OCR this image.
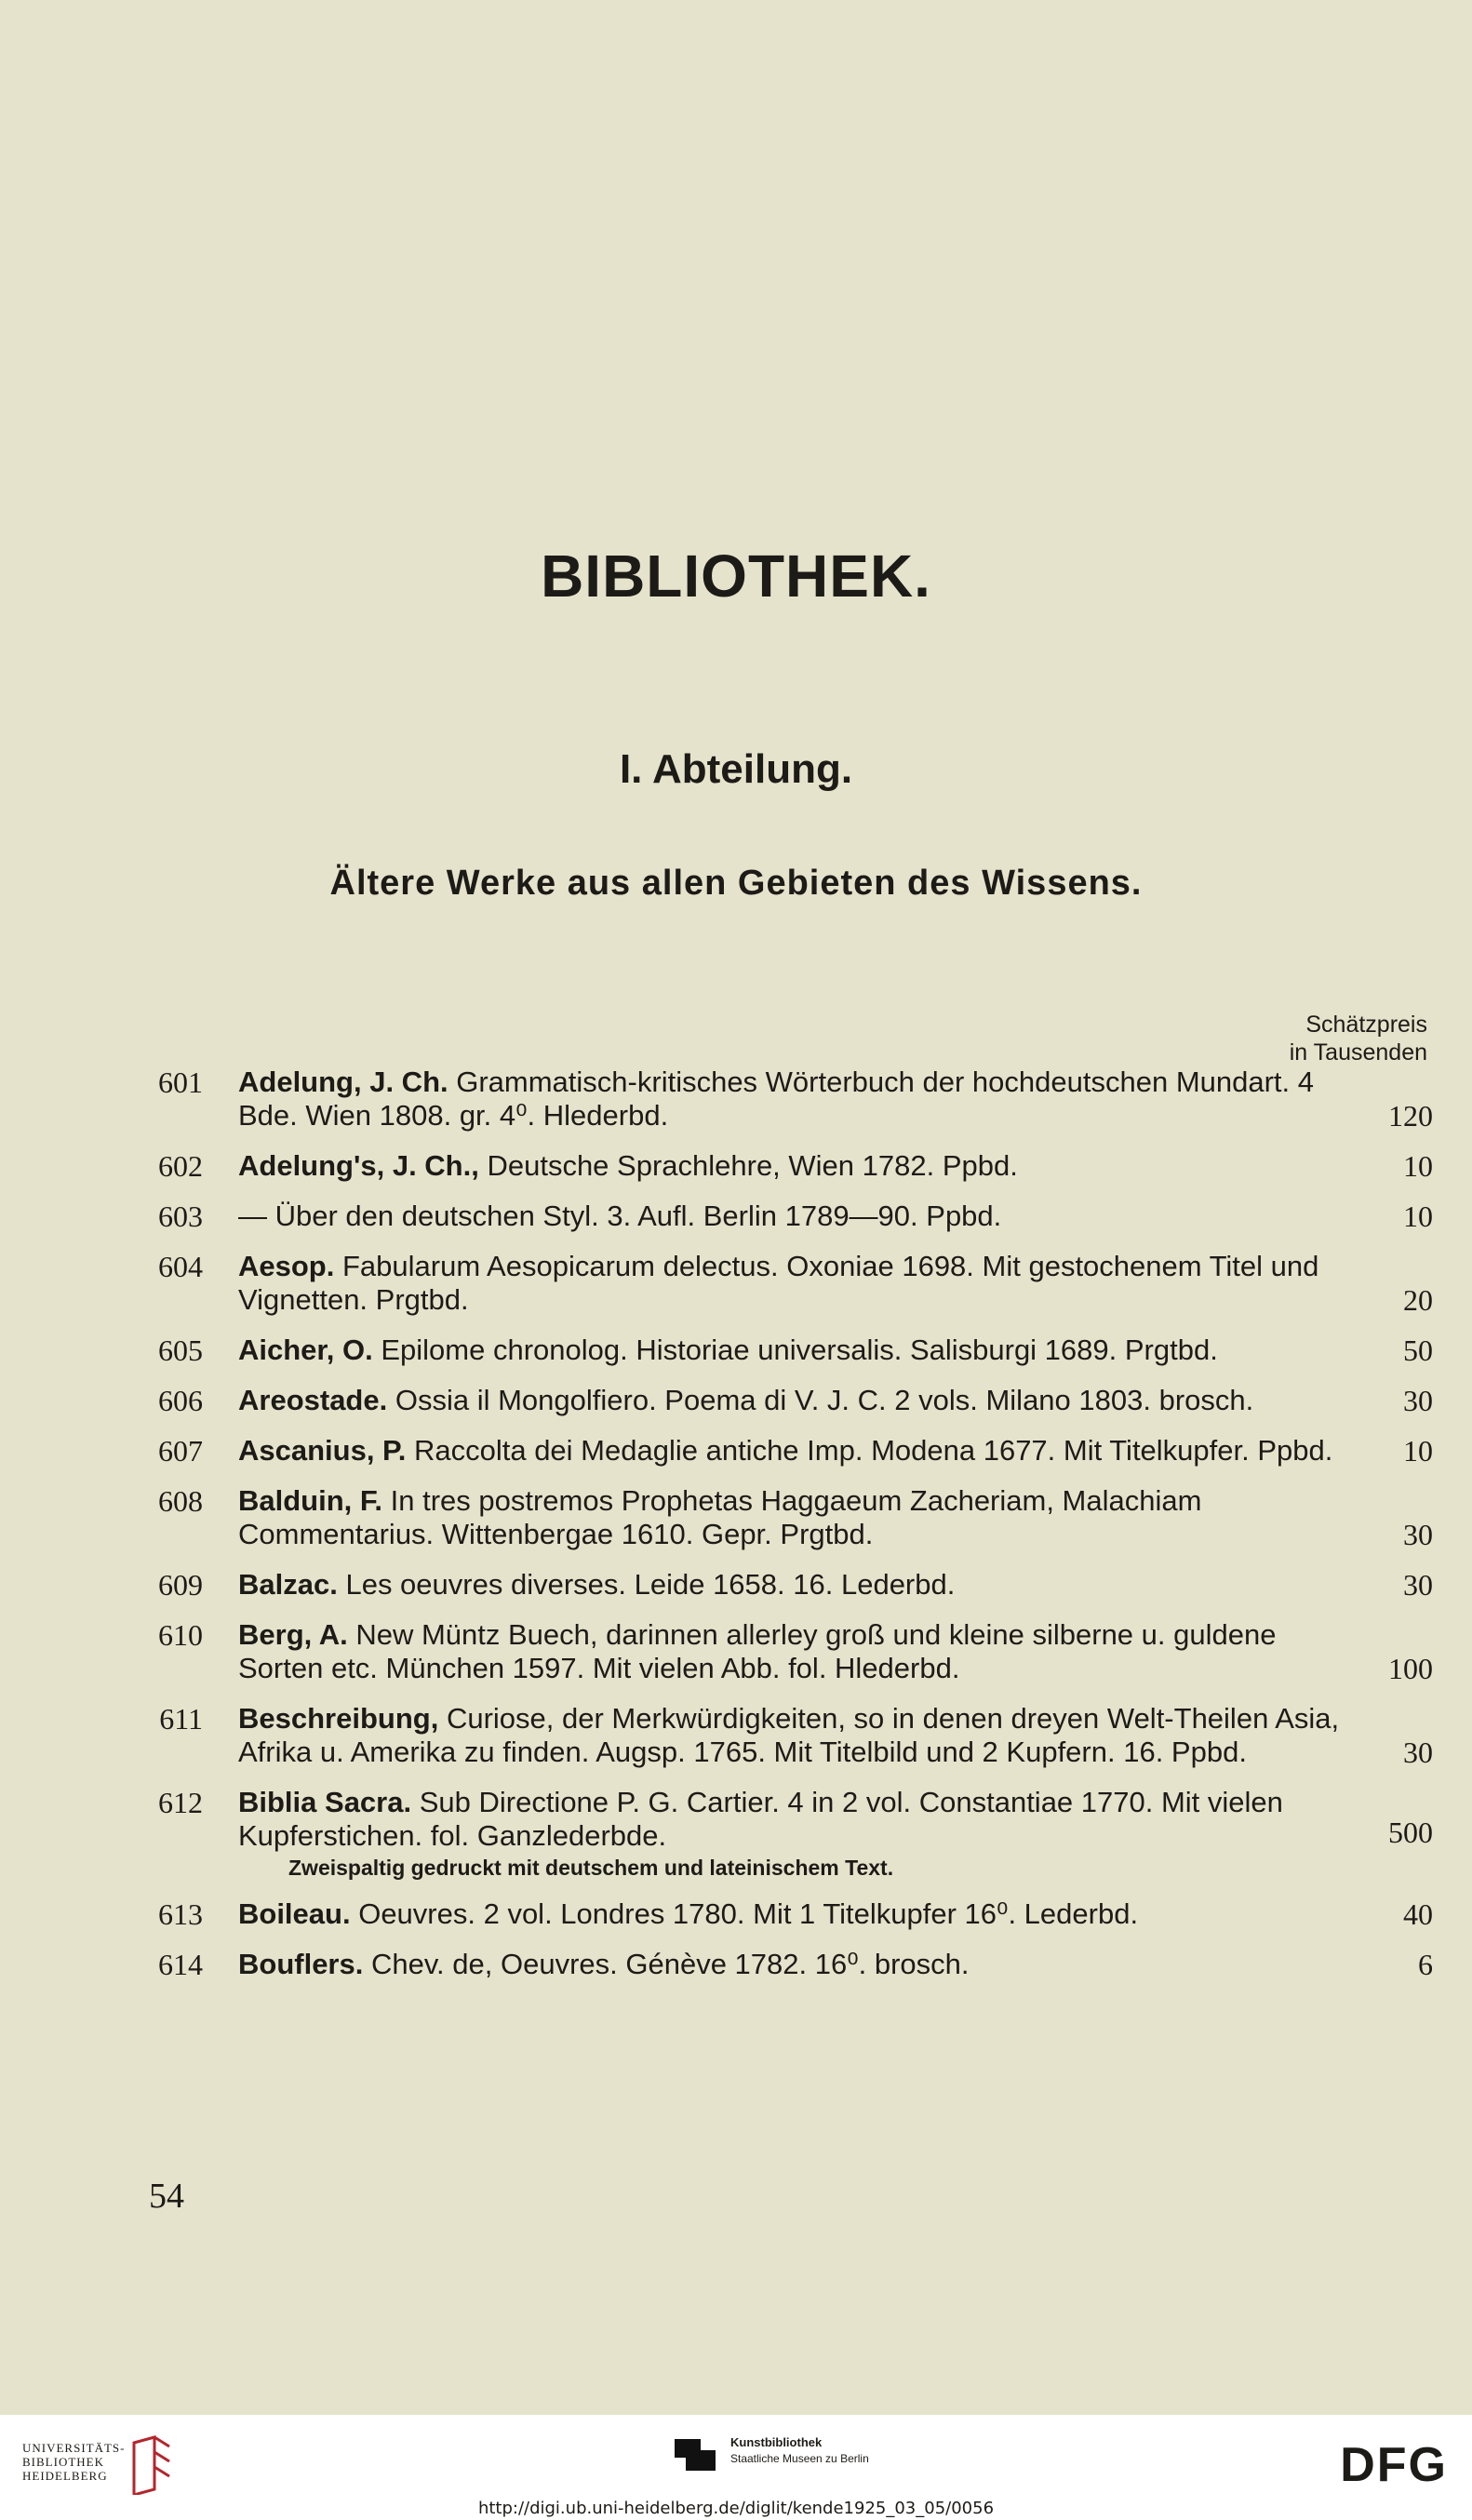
BIBLIOTHEK.
I. Abteilung.
Ältere Werke aus allen Gebieten des Wissens.
Schätzpreis
in Tausenden
601 Adelung, J. Ch. Grammatisch-kritisches Wörterbuch der hochdeutschen Mundart. 4 Bde. Wien 1808. gr. 4⁰. Hlederbd.	120
602 Adelung's, J. Ch., Deutsche Sprachlehre, Wien 1782. Ppbd.	10
603 — Über den deutschen Styl. 3. Aufl. Berlin 1789—90. Ppbd.	10
604 Aesop. Fabularum Aesopicarum delectus. Oxoniae 1698. Mit gestochenem Titel und Vignetten. Prgtbd.	20
605 Aicher, O. Epilome chronolog. Historiae universalis. Salisburgi 1689. Prgtbd.	50
606 Areostade. Ossia il Mongolfiero. Poema di V. J. C. 2 vols. Milano 1803. brosch.	30
607 Ascanius, P. Raccolta dei Medaglie antiche Imp. Modena 1677. Mit Titelkupfer. Ppbd. 10
608 Balduin, F. In tres postremos Prophetas Haggaeum Zacheriam, Malachiam Commentarius. Wittenbergae 1610. Gepr. Prgtbd.	30
609 Balzac. Les oeuvres diverses. Leide 1658. 16. Lederbd.	30
610 Berg, A. New Müntz Buech, darinnen allerley groß und kleine silberne u. guldene Sorten etc. München 1597. Mit vielen Abb. fol. Hlederbd.	100
611 Beschreibung, Curiose, der Merkwürdigkeiten, so in denen dreyen Welt-Theilen Asia, Afrika u. Amerika zu finden. Augsp. 1765. Mit Titelbild und 2 Kupfern. 16. Ppbd.	30
612 Biblia Sacra. Sub Directione P. G. Cartier. 4 in 2 vol. Constantiae 1770. Mit vielen Kupferstichen. fol. Ganzlederbde.	500
Zweispaltig gedruckt mit deutschem und lateinischem Text.
613 Boileau. Oeuvres. 2 vol. Londres 1780. Mit 1 Titelkupfer 16⁰. Lederbd.	40
614 Bouflers. Chev. de, Oeuvres. Génève 1782. 16⁰. brosch.	6
54
UNIVERSITÄTS-
BIBLIOTHEK
HEIDELBERG
Kunstbibliothek
Staatliche Museen zu Berlin	DFG
http://digi.ub.uni-heidelberg.de/diglit/kende1925_03_05/0056
